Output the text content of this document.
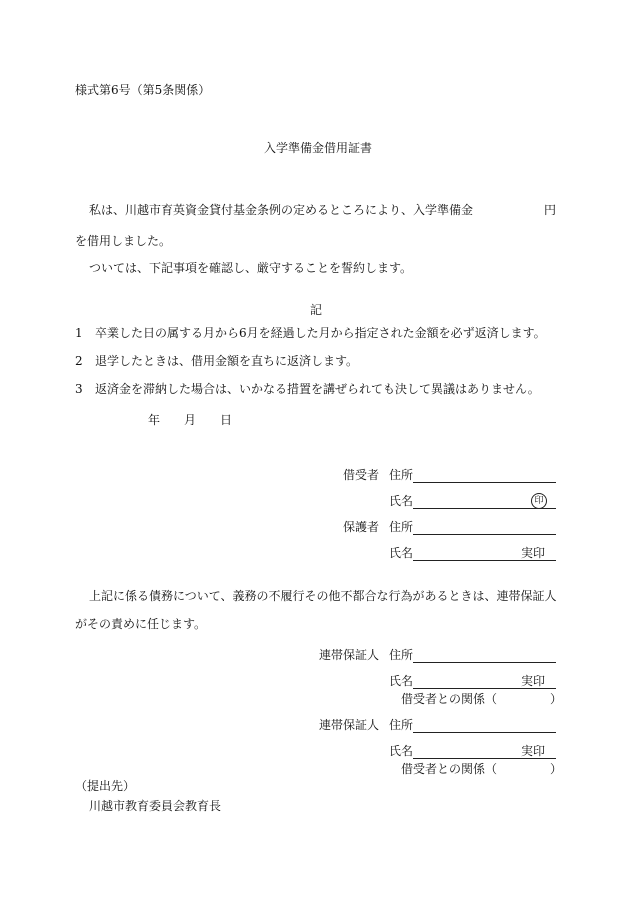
様式第6号（第5条関係）
入学準備金借用証書
私は、川越市育英資金貸付基金条例の定めるところにより、入学準備金	円
を借用しました。
ついては、下記事項を確認し、厳守することを誓約します。
記
1 卒業した日の属する月から6月を経過した月から指定された金額を必ず返済します。
2 退学したときは、借用金額を直ちに返済します。
3 返済金を滞納した場合は、いかなる措置を講ぜられても決して異議はありません。
年 月 日
借受者 住所
氏名	印
保護者 住所
氏名	実印
上記に係る債務について、義務の不履行その他不都合な行為があるときは、連帯保証人
がその責めに任じます。
連帯保証人 住所
氏名	実印
借受者との関係（	）
連帯保証人 住所
氏名	実印
借受者との関係（	）
（提出先）
川越市教育委員会教育長
